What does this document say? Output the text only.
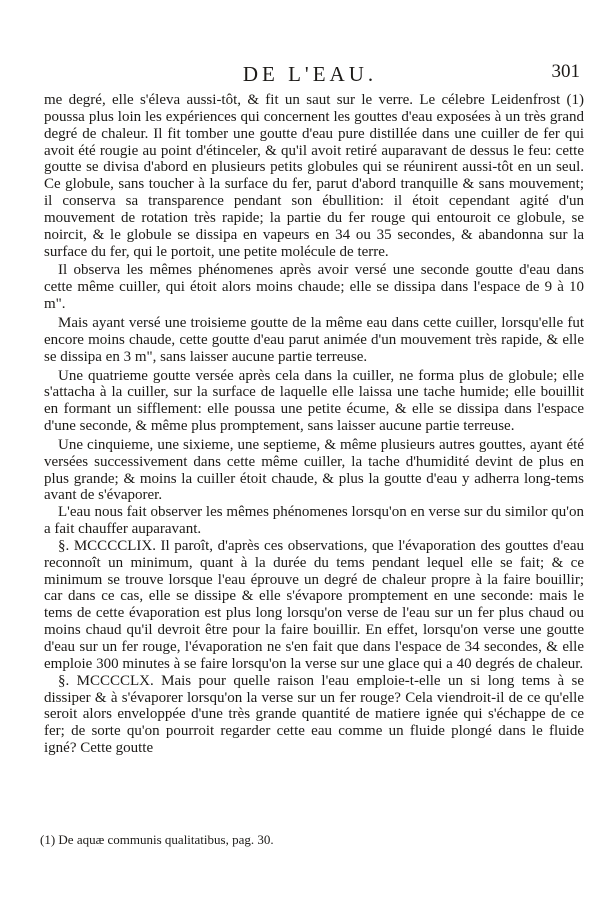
DE L'EAU.	301

me degré, elle s'éleva aussi-tôt, & fit un saut sur le verre. Le célebre Leidenfrost (1) poussa plus loin les expériences qui concernent les gouttes d'eau exposées à un très grand degré de chaleur. Il fit tomber une goutte d'eau pure distillée dans une cuiller de fer qui avoit été rougie au point d'étinceler, & qu'il avoit retiré auparavant de dessus le feu: cette goutte se divisa d'abord en plusieurs petits globules qui se réunirent aussi-tôt en un seul. Ce globule, sans toucher à la surface du fer, parut d'abord tranquille & sans mouvement; il conserva sa transparence pendant son ébullition: il étoit cependant agité d'un mouvement de rotation très rapide; la partie du fer rouge qui entouroit ce globule, se noircit, & le globule se dissipa en vapeurs en 34 ou 35 secondes, & abandonna sur la surface du fer, qui le portoit, une petite molécule de terre.

Il observa les mêmes phénomenes après avoir versé une seconde goutte d'eau dans cette même cuiller, qui étoit alors moins chaude; elle se dissipa dans l'espace de 9 à 10 m".

Mais ayant versé une troisieme goutte de la même eau dans cette cuiller, lorsqu'elle fut encore moins chaude, cette goutte d'eau parut animée d'un mouvement très rapide, & elle se dissipa en 3 m", sans laisser aucune partie terreuse.

Une quatrieme goutte versée après cela dans la cuiller, ne forma plus de globule; elle s'attacha à la cuiller, sur la surface de laquelle elle laissa une tache humide; elle bouillit en formant un sifflement: elle poussa une petite écume, & elle se dissipa dans l'espace d'une seconde, & même plus promptement, sans laisser aucune partie terreuse.

Une cinquieme, une sixieme, une septieme, & même plusieurs autres gouttes, ayant été versées successivement dans cette même cuiller, la tache d'humidité devint de plus en plus grande; & moins la cuiller étoit chaude, & plus la goutte d'eau y adherra long-tems avant de s'évaporer.

L'eau nous fait observer les mêmes phénomenes lorsqu'on en verse sur du similor qu'on a fait chauffer auparavant.

§. MCCCCLIX. Il paroît, d'après ces observations, que l'évaporation des gouttes d'eau reconnoît un minimum, quant à la durée du tems pendant lequel elle se fait; & ce minimum se trouve lorsque l'eau éprouve un degré de chaleur propre à la faire bouillir; car dans ce cas, elle se dissipe & elle s'évapore promptement en une seconde: mais le tems de cette évaporation est plus long lorsqu'on verse de l'eau sur un fer plus chaud ou moins chaud qu'il devroit être pour la faire bouillir. En effet, lorsqu'on verse une goutte d'eau sur un fer rouge, l'évaporation ne s'en fait que dans l'espace de 34 secondes, & elle emploie 300 minutes à se faire lorsqu'on la verse sur une glace qui a 40 degrés de chaleur.

§. MCCCCLX. Mais pour quelle raison l'eau emploie-t-elle un si long tems à se dissiper & à s'évaporer lorsqu'on la verse sur un fer rouge? Cela viendroit-il de ce qu'elle seroit alors enveloppée d'une très grande quantité de matiere ignée qui s'échappe de ce fer; de sorte qu'on pourroit regarder cette eau comme un fluide plongé dans le fluide igné? Cette goutte

(1) De aquæ communis qualitatibus, pag. 30.
